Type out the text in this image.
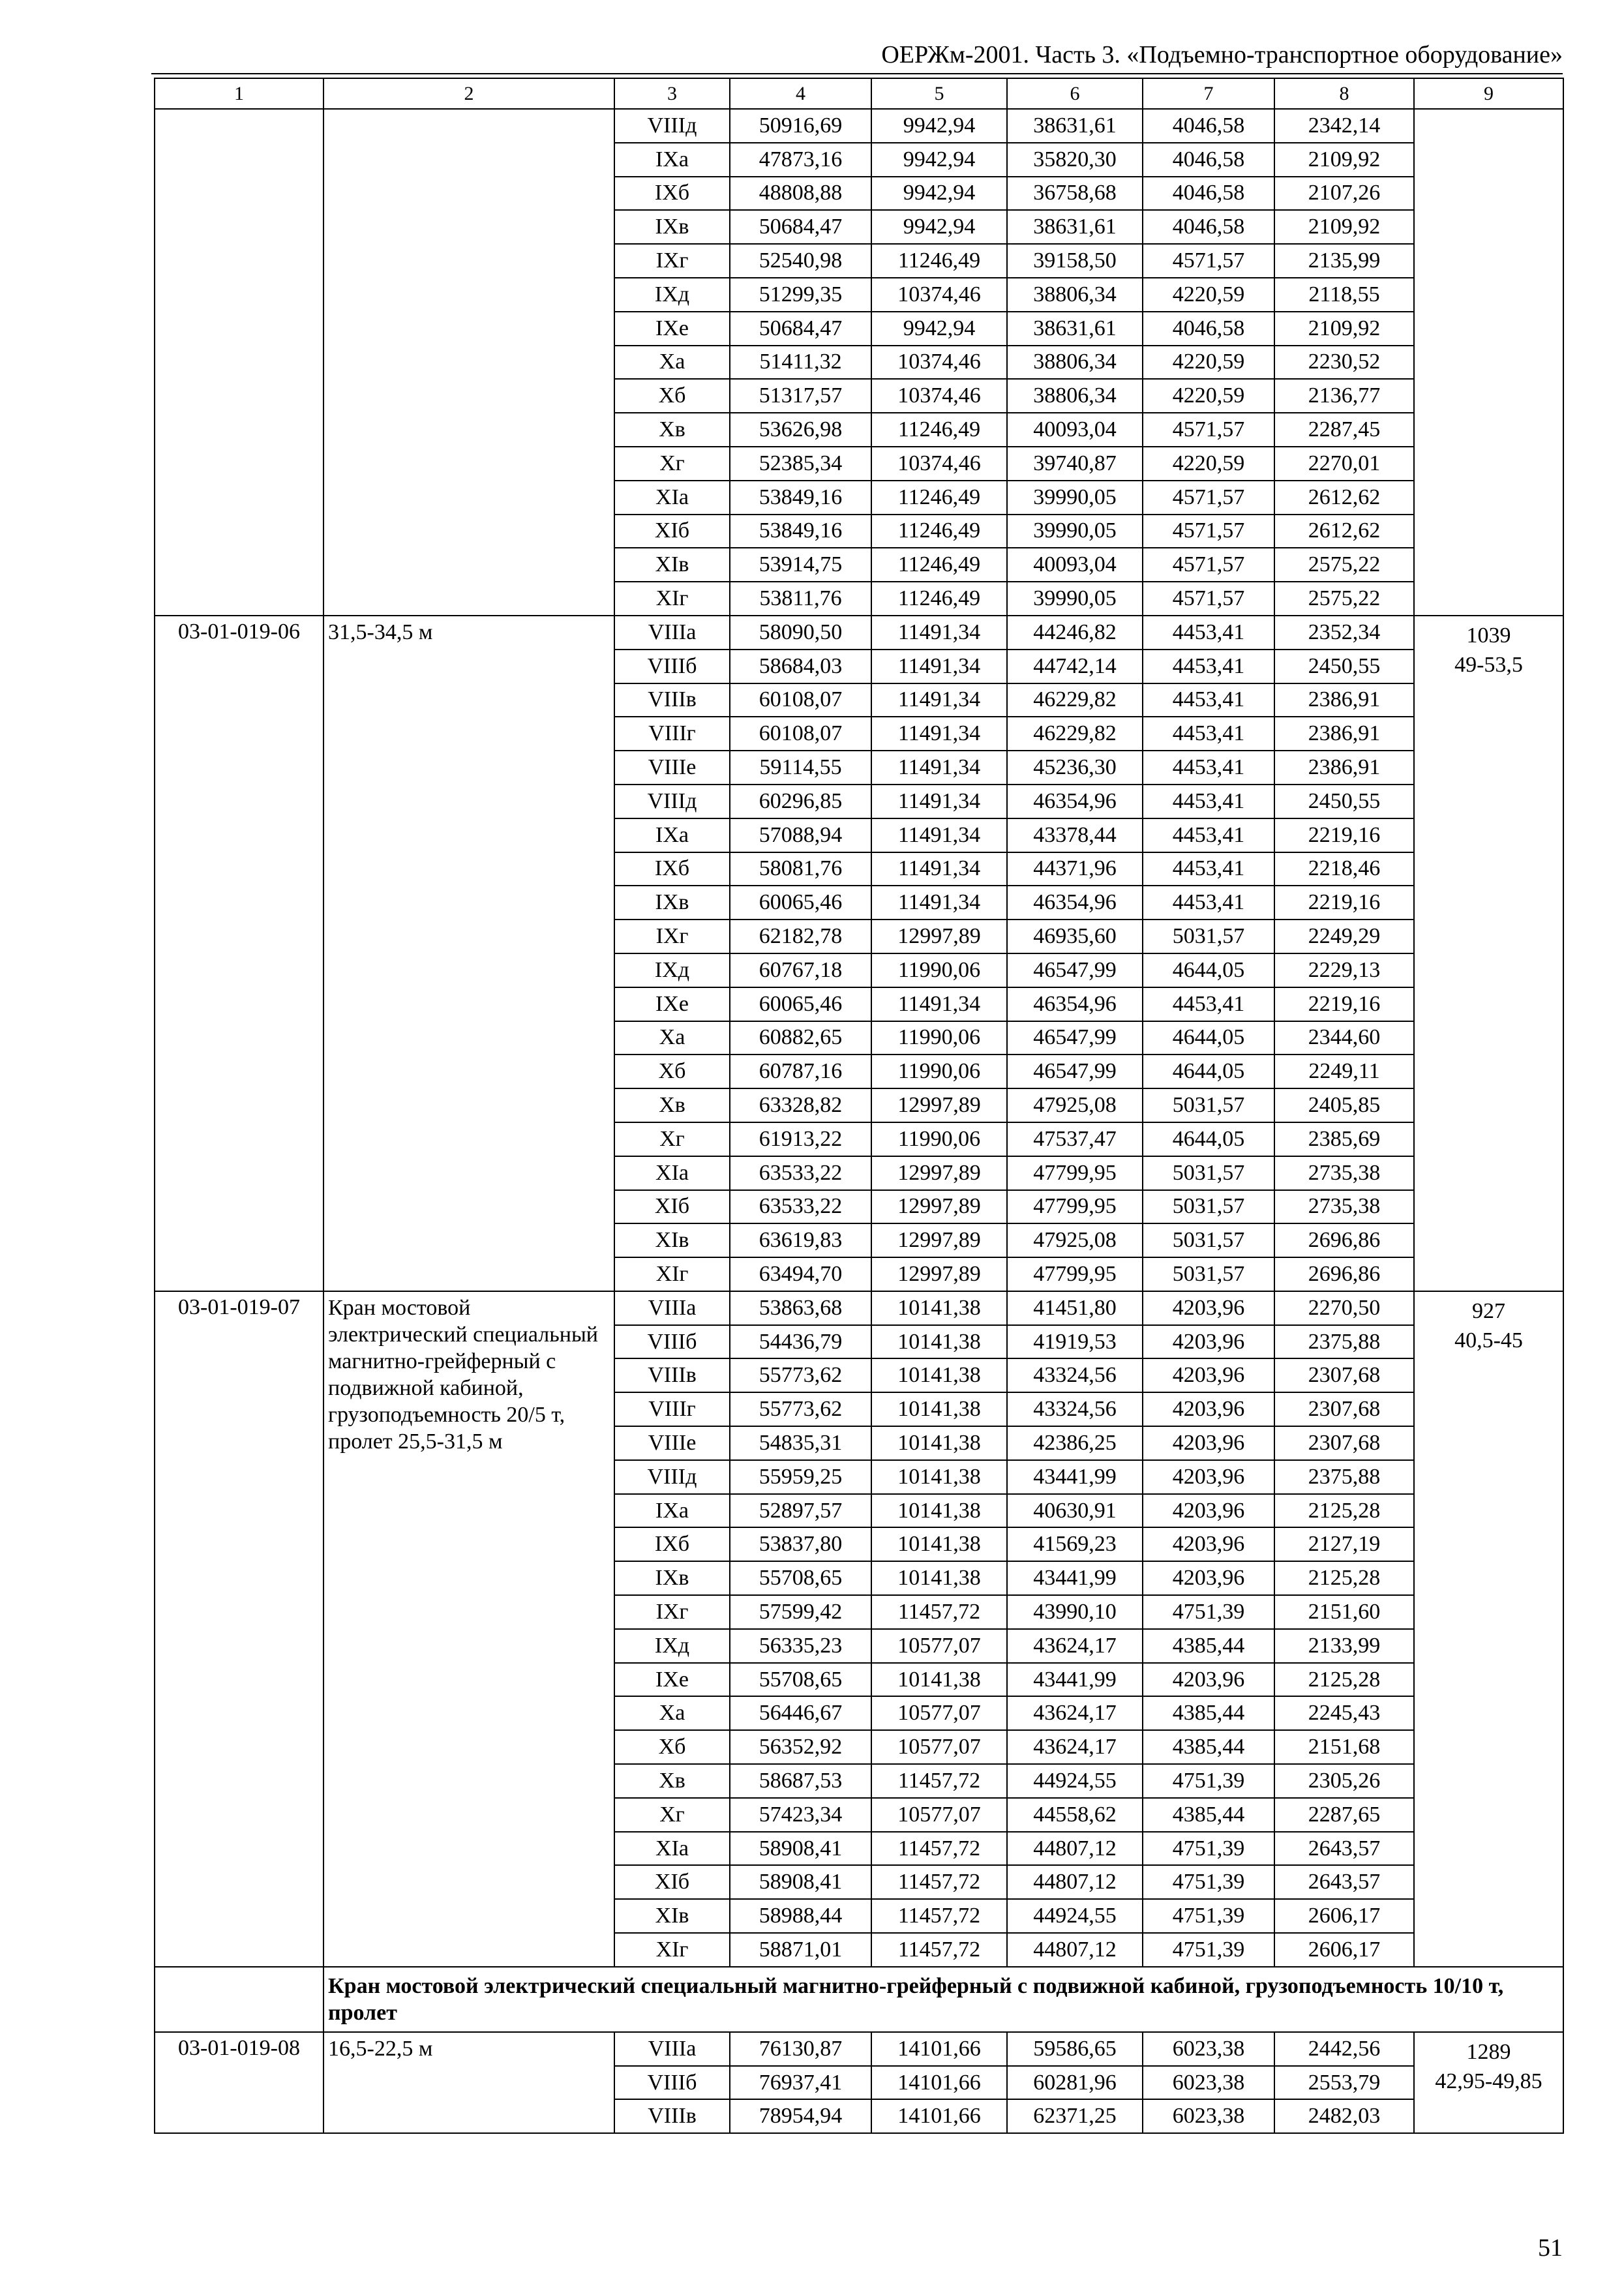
ОЕРЖм-2001. Часть 3. «Подъемно-транспортное оборудование»
1	2	3	4	5	6	7	8	9
		VIIIд	50916,69	9942,94	38631,61	4046,58	2342,14	

		IXа	47873,16	9942,94	35820,30	4046,58	2109,92	
		IXб	48808,88	9942,94	36758,68	4046,58	2107,26	
		IXв	50684,47	9942,94	38631,61	4046,58	2109,92	
		IXг	52540,98	11246,49	39158,50	4571,57	2135,99	
		IXд	51299,35	10374,46	38806,34	4220,59	2118,55	
		IXе	50684,47	9942,94	38631,61	4046,58	2109,92	
		Xа	51411,32	10374,46	38806,34	4220,59	2230,52	
		Xб	51317,57	10374,46	38806,34	4220,59	2136,77	
		Xв	53626,98	11246,49	40093,04	4571,57	2287,45	
		Xг	52385,34	10374,46	39740,87	4220,59	2270,01	
		XIа	53849,16	11246,49	39990,05	4571,57	2612,62	
		XIб	53849,16	11246,49	39990,05	4571,57	2612,62	
		XIв	53914,75	11246,49	40093,04	4571,57	2575,22	
		XIг	53811,76	11246,49	39990,05	4571,57	2575,22	
03-01-019-06	31,5-34,5 м	VIIIа	58090,50	11491,34	44246,82	4453,41	2352,34	1039
49-53,5

		VIIIб	58684,03	11491,34	44742,14	4453,41	2450,55	
		VIIIв	60108,07	11491,34	46229,82	4453,41	2386,91	
		VIIIг	60108,07	11491,34	46229,82	4453,41	2386,91	
		VIIIе	59114,55	11491,34	45236,30	4453,41	2386,91	
		VIIIд	60296,85	11491,34	46354,96	4453,41	2450,55	
		IXа	57088,94	11491,34	43378,44	4453,41	2219,16	
		IXб	58081,76	11491,34	44371,96	4453,41	2218,46	
		IXв	60065,46	11491,34	46354,96	4453,41	2219,16	
		IXг	62182,78	12997,89	46935,60	5031,57	2249,29	
		IXд	60767,18	11990,06	46547,99	4644,05	2229,13	
		IXе	60065,46	11491,34	46354,96	4453,41	2219,16	
		Xа	60882,65	11990,06	46547,99	4644,05	2344,60	
		Xб	60787,16	11990,06	46547,99	4644,05	2249,11	
		Xв	63328,82	12997,89	47925,08	5031,57	2405,85	
		Xг	61913,22	11990,06	47537,47	4644,05	2385,69	
		XIа	63533,22	12997,89	47799,95	5031,57	2735,38	
		XIб	63533,22	12997,89	47799,95	5031,57	2735,38	
		XIв	63619,83	12997,89	47925,08	5031,57	2696,86	
		XIг	63494,70	12997,89	47799,95	5031,57	2696,86	
03-01-019-07	Кран мостовой электрический специальный магнитно-грейферный с подвижной кабиной, грузоподъемность 20/5 т, пролет 25,5-31,5 м	VIIIа	53863,68	10141,38	41451,80	4203,96	2270,50	927
40,5-45

		VIIIб	54436,79	10141,38	41919,53	4203,96	2375,88	
		VIIIв	55773,62	10141,38	43324,56	4203,96	2307,68	
		VIIIг	55773,62	10141,38	43324,56	4203,96	2307,68	
		VIIIе	54835,31	10141,38	42386,25	4203,96	2307,68	
		VIIIд	55959,25	10141,38	43441,99	4203,96	2375,88	
		IXа	52897,57	10141,38	40630,91	4203,96	2125,28	
		IXб	53837,80	10141,38	41569,23	4203,96	2127,19	
		IXв	55708,65	10141,38	43441,99	4203,96	2125,28	
		IXг	57599,42	11457,72	43990,10	4751,39	2151,60	
		IXд	56335,23	10577,07	43624,17	4385,44	2133,99	
		IXе	55708,65	10141,38	43441,99	4203,96	2125,28	
		Xа	56446,67	10577,07	43624,17	4385,44	2245,43	
		Xб	56352,92	10577,07	43624,17	4385,44	2151,68	
		Xв	58687,53	11457,72	44924,55	4751,39	2305,26	
		Xг	57423,34	10577,07	44558,62	4385,44	2287,65	
		XIа	58908,41	11457,72	44807,12	4751,39	2643,57	
		XIб	58908,41	11457,72	44807,12	4751,39	2643,57	
		XIв	58988,44	11457,72	44924,55	4751,39	2606,17	
		XIг	58871,01	11457,72	44807,12	4751,39	2606,17	
	Кран мостовой электрический специальный магнитно-грейферный с подвижной кабиной, грузоподъемность 10/10 т, пролет							
03-01-019-08	16,5-22,5 м	VIIIа	76130,87	14101,66	59586,65	6023,38	2442,56	1289
42,95-49,85

		VIIIб	76937,41	14101,66	60281,96	6023,38	2553,79	
		VIIIв	78954,94	14101,66	62371,25	6023,38	2482,03	
51
